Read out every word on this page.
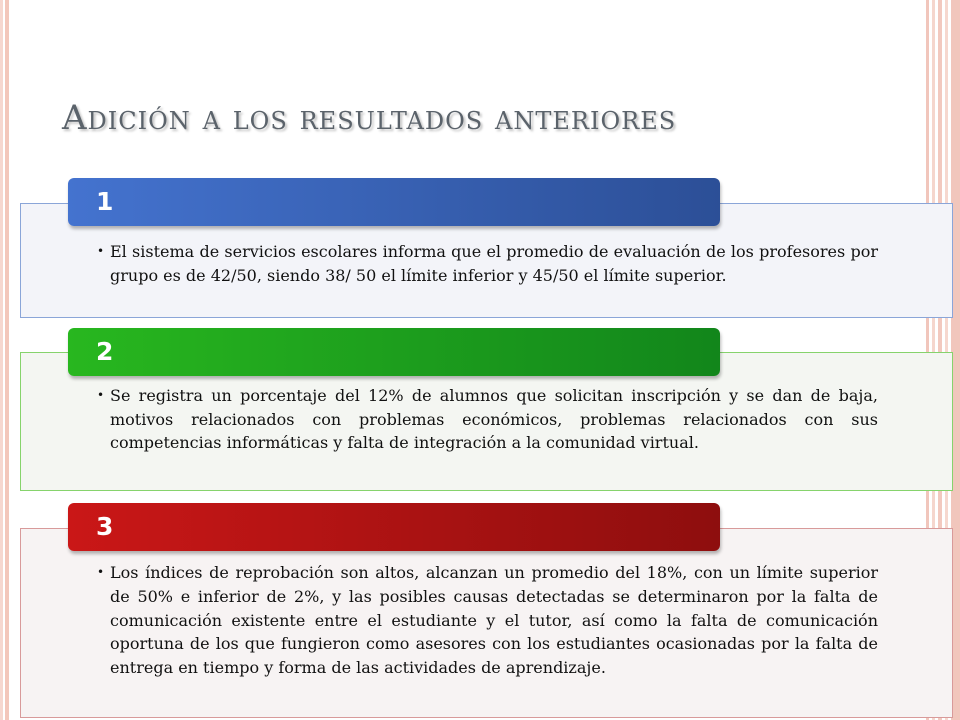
Adición a los resultados anteriores
• El sistema de servicios escolares informa que el promedio de evaluación de los profesores por grupo es de 42/50, siendo 38/ 50 el límite inferior y 45/50 el límite superior.
1
• Se registra un porcentaje del 12% de alumnos que solicitan inscripción y se dan de baja, motivos relacionados con problemas económicos, problemas relacionados con sus competencias informáticas y falta de integración a la comunidad virtual.
2
• Los índices de reprobación son altos, alcanzan un promedio del 18%, con un límite superior de 50% e inferior de 2%, y las posibles causas detectadas se determinaron por la falta de comunicación existente entre el estudiante y el tutor, así como la falta de comunicación oportuna de los que fungieron como asesores con los estudiantes ocasionadas por la falta de entrega en tiempo y forma de las actividades de aprendizaje.
3
